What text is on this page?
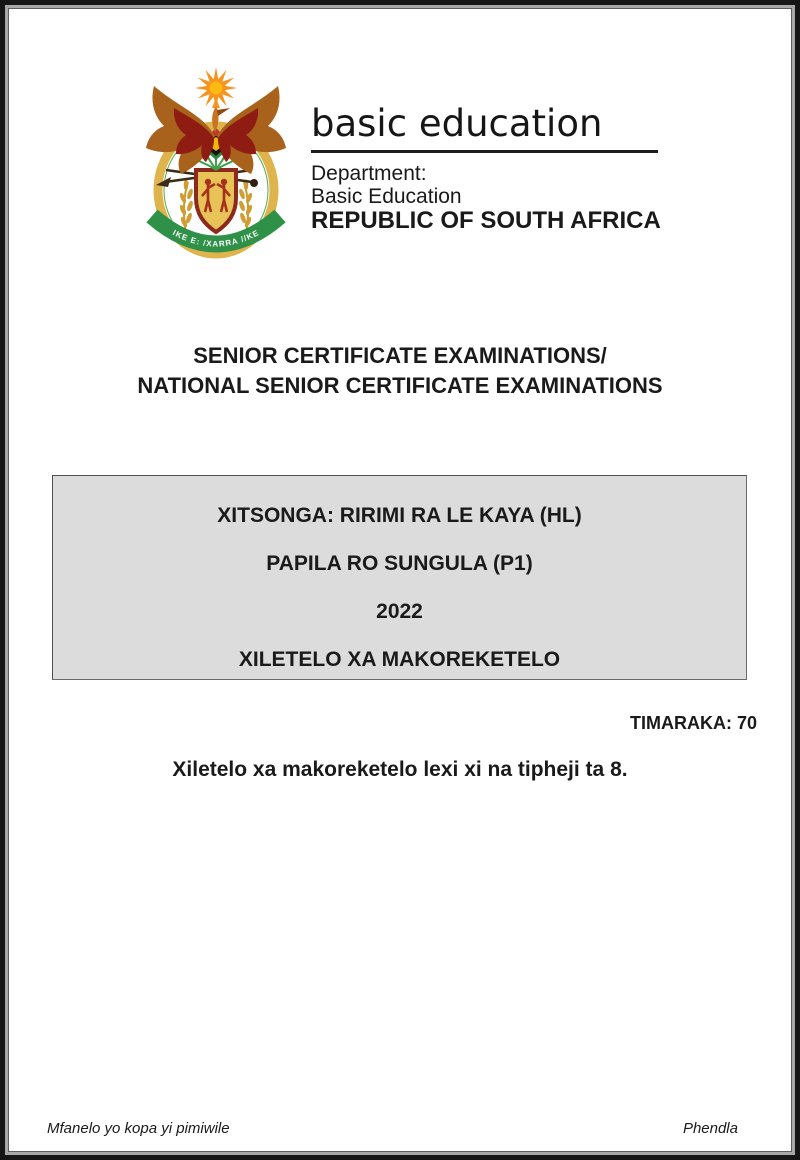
IKE E: /XARRA //KE
basic education
Department:
Basic Education
REPUBLIC OF SOUTH AFRICA
SENIOR CERTIFICATE EXAMINATIONS/
NATIONAL SENIOR CERTIFICATE EXAMINATIONS
XITSONGA: RIRIMI RA LE KAYA (HL)
PAPILA RO SUNGULA (P1)
2022
XILETELO XA MAKOREKETELO
TIMARAKA: 70
Xiletelo xa makoreketelo lexi xi na tipheji ta 8.
Mfanelo yo kopa yi pimiwile	Phendla
